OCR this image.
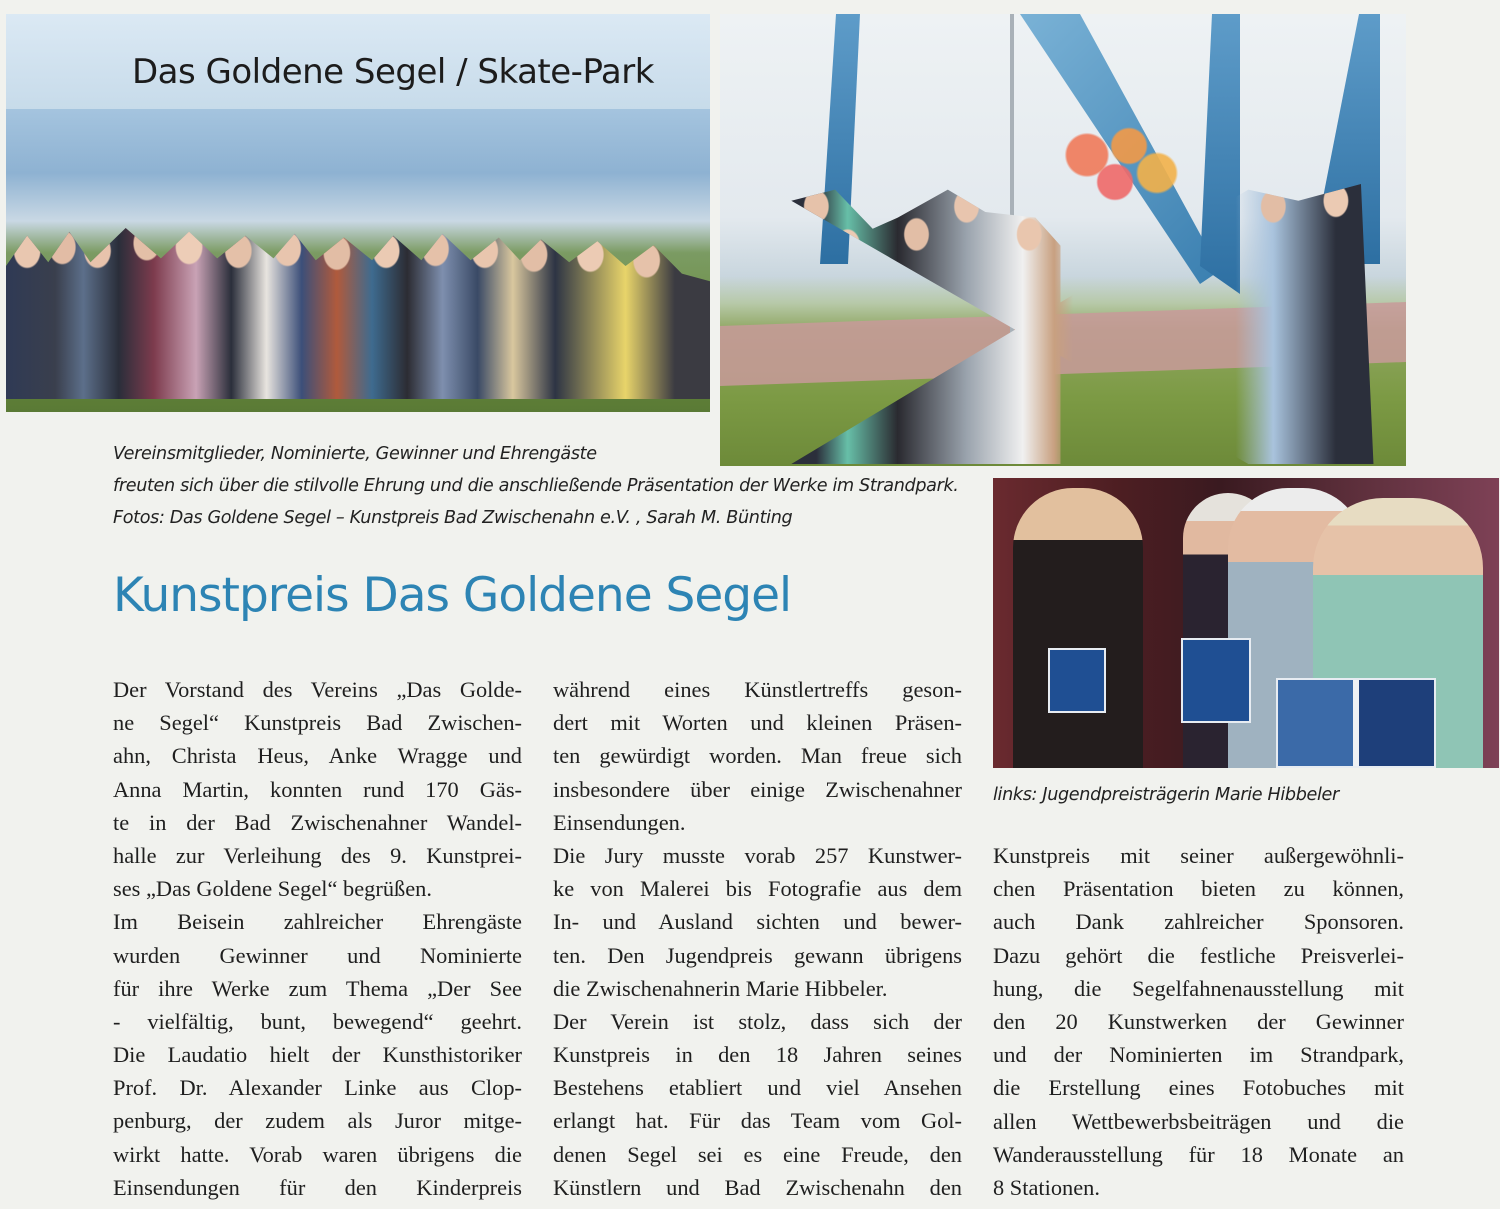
Das Goldene Segel / Skate-Park
Vereinsmitglieder, Nominierte, Gewinner und Ehrengäste
freuten sich über die stilvolle Ehrung und die anschließende Präsentation der Werke im Strandpark.
Fotos: Das Goldene Segel – Kunstpreis Bad Zwischenahn e.V. , Sarah M. Bünting
links: Jugendpreisträgerin Marie Hibbeler
Kunstpreis Das Goldene Segel

Der Vorstand des Vereins „Das Golde-

ne Segel“ Kunstpreis Bad Zwischen-

ahn, Christa Heus, Anke Wragge und

Anna Martin, konnten rund 170 Gäs-

te in der Bad Zwischenahner Wandel-

halle zur Verleihung des 9. Kunstprei-

ses „Das Goldene Segel“ begrüßen.

Im Beisein zahlreicher Ehrengäste

wurden Gewinner und Nominierte

für ihre Werke zum Thema „Der See

- vielfältig, bunt, bewegend“ geehrt.

Die Laudatio hielt der Kunsthistoriker

Prof. Dr. Alexander Linke aus Clop-

penburg, der zudem als Juror mitge-

wirkt hatte. Vorab waren übrigens die

Einsendungen für den Kinderpreis

während eines Künstlertreffs geson-

dert mit Worten und kleinen Präsen-

ten gewürdigt worden. Man freue sich

insbesondere über einige Zwischenahner

Einsendungen.

Die Jury musste vorab 257 Kunstwer-

ke von Malerei bis Fotografie aus dem

In- und Ausland sichten und bewer-

ten. Den Jugendpreis gewann übrigens

die Zwischenahnerin Marie Hibbeler.

Der Verein ist stolz, dass sich der

Kunstpreis in den 18 Jahren seines

Bestehens etabliert und viel Ansehen

erlangt hat. Für das Team vom Gol-

denen Segel sei es eine Freude, den

Künstlern und Bad Zwischenahn den

Kunstpreis mit seiner außergewöhnli-

chen Präsentation bieten zu können,

auch Dank zahlreicher Sponsoren.

Dazu gehört die festliche Preisverlei-

hung, die Segelfahnenausstellung mit

den 20 Kunstwerken der Gewinner

und der Nominierten im Strandpark,

die Erstellung eines Fotobuches mit

allen Wettbewerbsbeiträgen und die

Wanderausstellung für 18 Monate an

8 Stationen.
